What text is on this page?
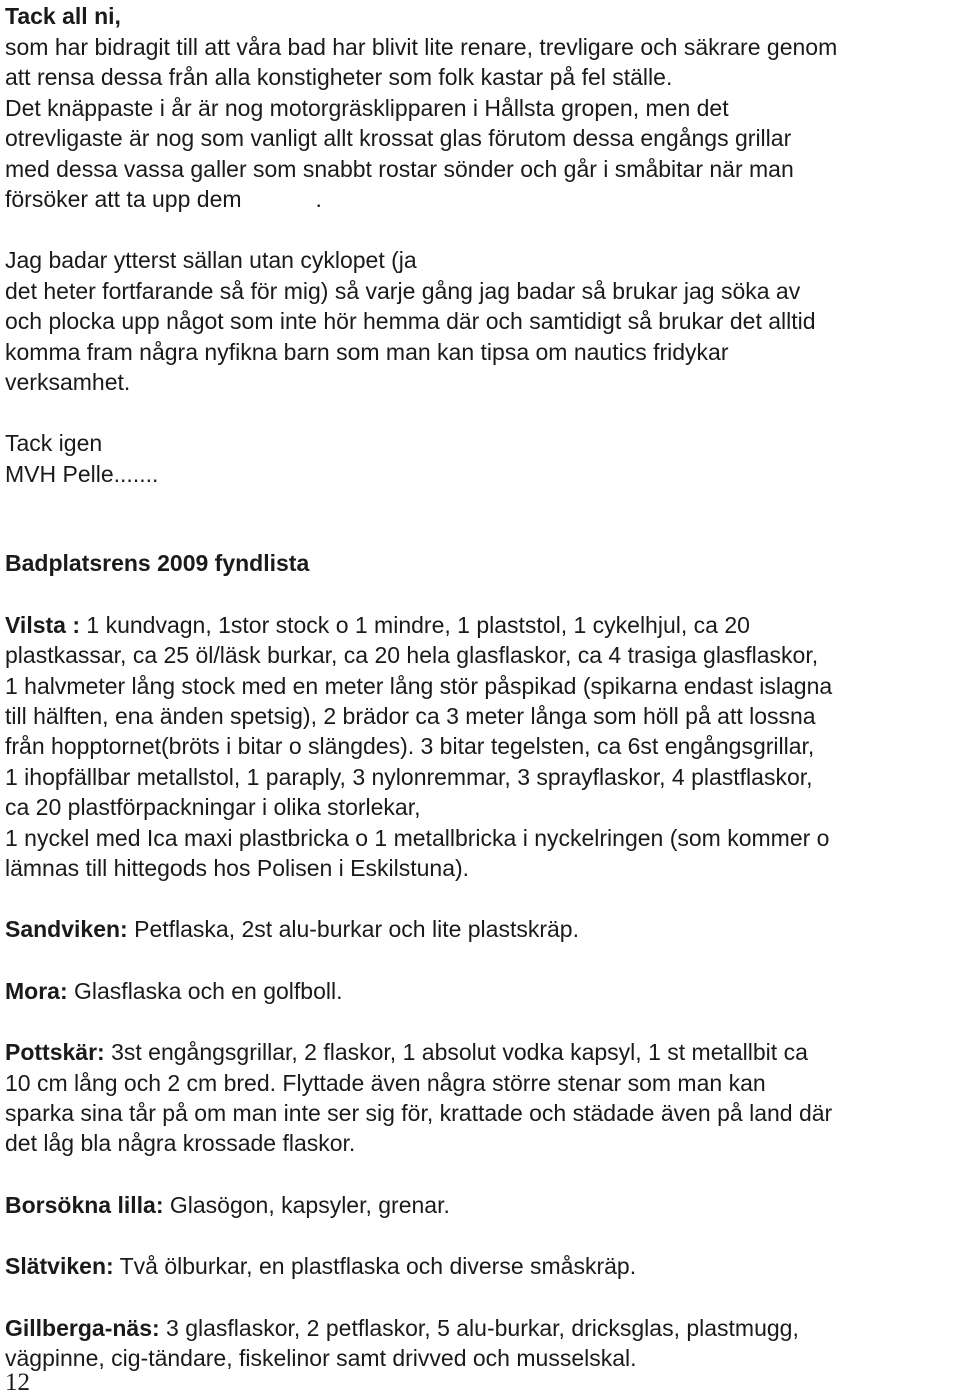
Tack all ni,
som har bidragit till att våra bad har blivit lite renare, trevligare och säkrare genom
att rensa dessa från alla konstigheter som folk kastar på fel ställe.
Det knäppaste i år är nog motorgräsklipparen i Hållsta gropen, men det
otrevligaste är nog som vanligt allt krossat glas förutom dessa engångs grillar
med dessa vassa galler som snabbt rostar sönder och går i småbitar när man
försöker att ta upp dem	.
Jag badar ytterst sällan utan cyklopet (ja
det heter fortfarande så för mig) så varje gång jag badar så brukar jag söka av
och plocka upp något som inte hör hemma där och samtidigt så brukar det alltid
komma fram några nyfikna barn som man kan tipsa om nautics fridykar
verksamhet.
Tack igen
MVH Pelle.......
Badplatsrens 2009 fyndlista
Vilsta : 1 kundvagn, 1stor stock o 1 mindre, 1 plaststol, 1 cykelhjul, ca 20
plastkassar, ca 25 öl/läsk burkar, ca 20 hela glasflaskor, ca 4 trasiga glasflaskor,
1 halvmeter lång stock med en meter lång stör påspikad (spikarna endast islagna
till hälften, ena änden spetsig), 2 brädor ca 3 meter långa som höll på att lossna
från hopptornet(bröts i bitar o slängdes). 3 bitar tegelsten, ca 6st engångsgrillar,
1 ihopfällbar metallstol, 1 paraply, 3 nylonremmar, 3 sprayflaskor, 4 plastflaskor,
ca 20 plastförpackningar i olika storlekar,
1 nyckel med Ica maxi plastbricka o 1 metallbricka i nyckelringen (som kommer o
lämnas till hittegods hos Polisen i Eskilstuna).
Sandviken: Petflaska, 2st alu-burkar och lite plastskräp.
Mora: Glasflaska och en golfboll.
Pottskär: 3st engångsgrillar, 2 flaskor, 1 absolut vodka kapsyl, 1 st metallbit ca
10 cm lång och 2 cm bred. Flyttade även några större stenar som man kan
sparka sina tår på om man inte ser sig för, krattade och städade även på land där
det låg bla några krossade flaskor.
Borsökna lilla: Glasögon, kapsyler, grenar.
Slätviken: Två ölburkar, en plastflaska och diverse småskräp.
Gillberga-näs: 3 glasflaskor, 2 petflaskor, 5 alu-burkar, dricksglas, plastmugg,
vägpinne, cig-tändare, fiskelinor samt drivved och musselskal.
12
